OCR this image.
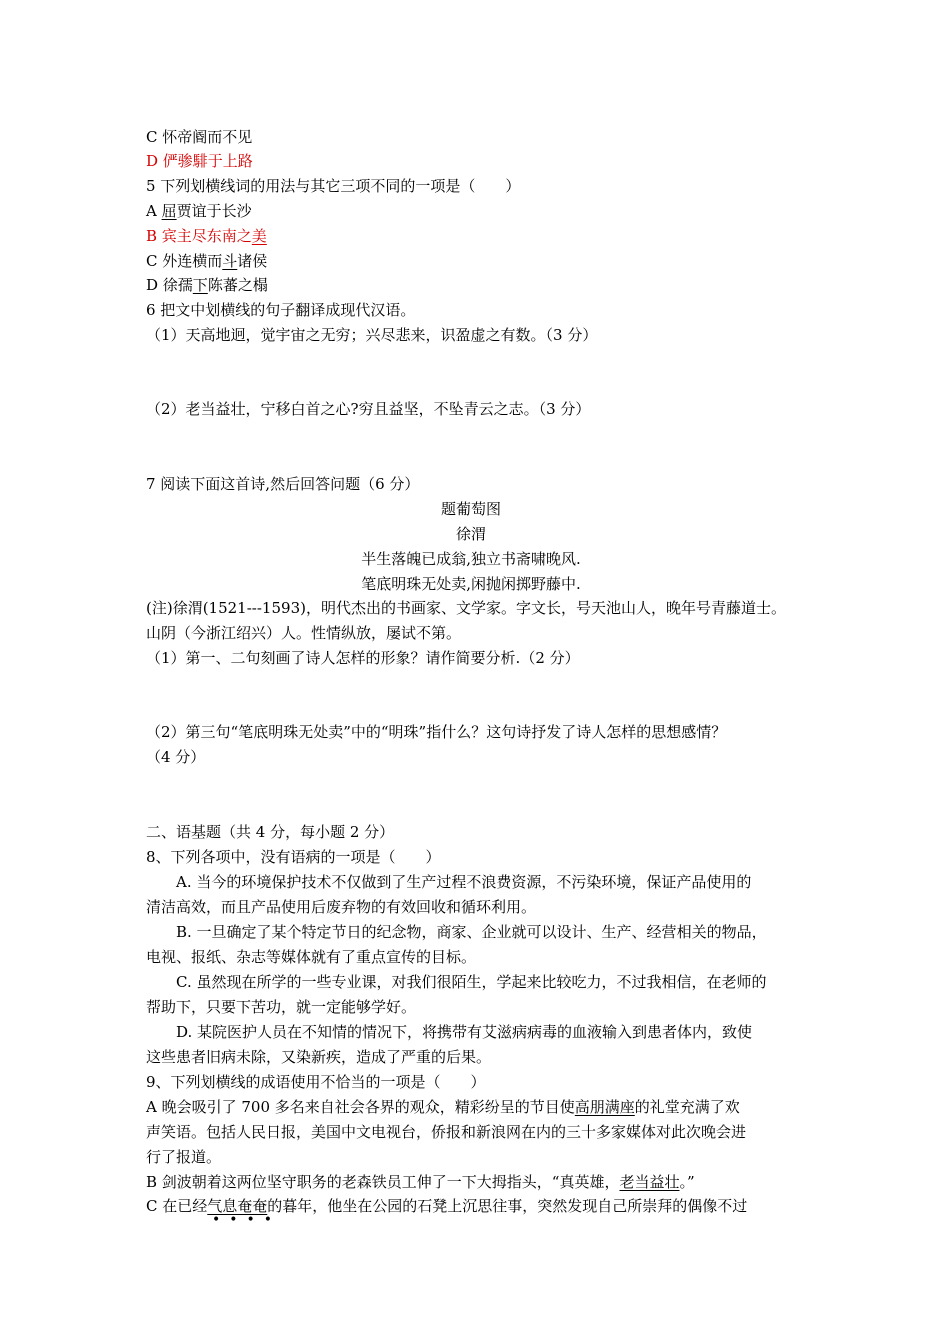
C 怀帝阍而不见
D 俨骖騑于上路
5 下列划横线词的用法与其它三项不同的一项是（　　）
A 屈贾谊于长沙
B 宾主尽东南之美
C 外连横而斗诸侯
D 徐孺下陈蕃之榻
6 把文中划横线的句子翻译成现代汉语。
（1）天高地迥，觉宇宙之无穷；兴尽悲来，识盈虚之有数。（3 分）
（2）老当益壮，宁移白首之心?穷且益坚，不坠青云之志。（3 分）
7 阅读下面这首诗,然后回答问题（6 分）
题葡萄图
徐渭
半生落魄已成翁,独立书斋啸晚风.
笔底明珠无处卖,闲抛闲掷野藤中.
(注)徐渭(1521---1593)，明代杰出的书画家、文学家。字文长，号天池山人，晚年号青藤道士。
山阴（今浙江绍兴）人。性情纵放，屡试不第。
（1）第一、二句刻画了诗人怎样的形象？请作简要分析.（2 分）
（2）第三句“笔底明珠无处卖”中的“明珠”指什么？这句诗抒发了诗人怎样的思想感情？
（4 分）
二、语基题（共 4 分，每小题 2 分）
8、下列各项中，没有语病的一项是（　　）
A. 当今的环境保护技术不仅做到了生产过程不浪费资源，不污染环境，保证产品使用的
清洁高效，而且产品使用后废弃物的有效回收和循环利用。
B. 一旦确定了某个特定节日的纪念物，商家、企业就可以设计、生产、经营相关的物品，
电视、报纸、杂志等媒体就有了重点宣传的目标。
C. 虽然现在所学的一些专业课，对我们很陌生，学起来比较吃力，不过我相信，在老师的
帮助下，只要下苦功，就一定能够学好。
D. 某院医护人员在不知情的情况下，将携带有艾滋病病毒的血液输入到患者体内，致使
这些患者旧病未除，又染新疾，造成了严重的后果。
9、下列划横线的成语使用不恰当的一项是（　　）
A 晚会吸引了 700 多名来自社会各界的观众，精彩纷呈的节目使高朋满座的礼堂充满了欢
声笑语。包括人民日报，美国中文电视台，侨报和新浪网在内的三十多家媒体对此次晚会进
行了报道。
B 剑波朝着这两位坚守职务的老森铁员工伸了一下大拇指头，“真英雄，老当益壮。”
C 在已经气息奄奄的暮年，他坐在公园的石凳上沉思往事，突然发现自己所崇拜的偶像不过
••••
